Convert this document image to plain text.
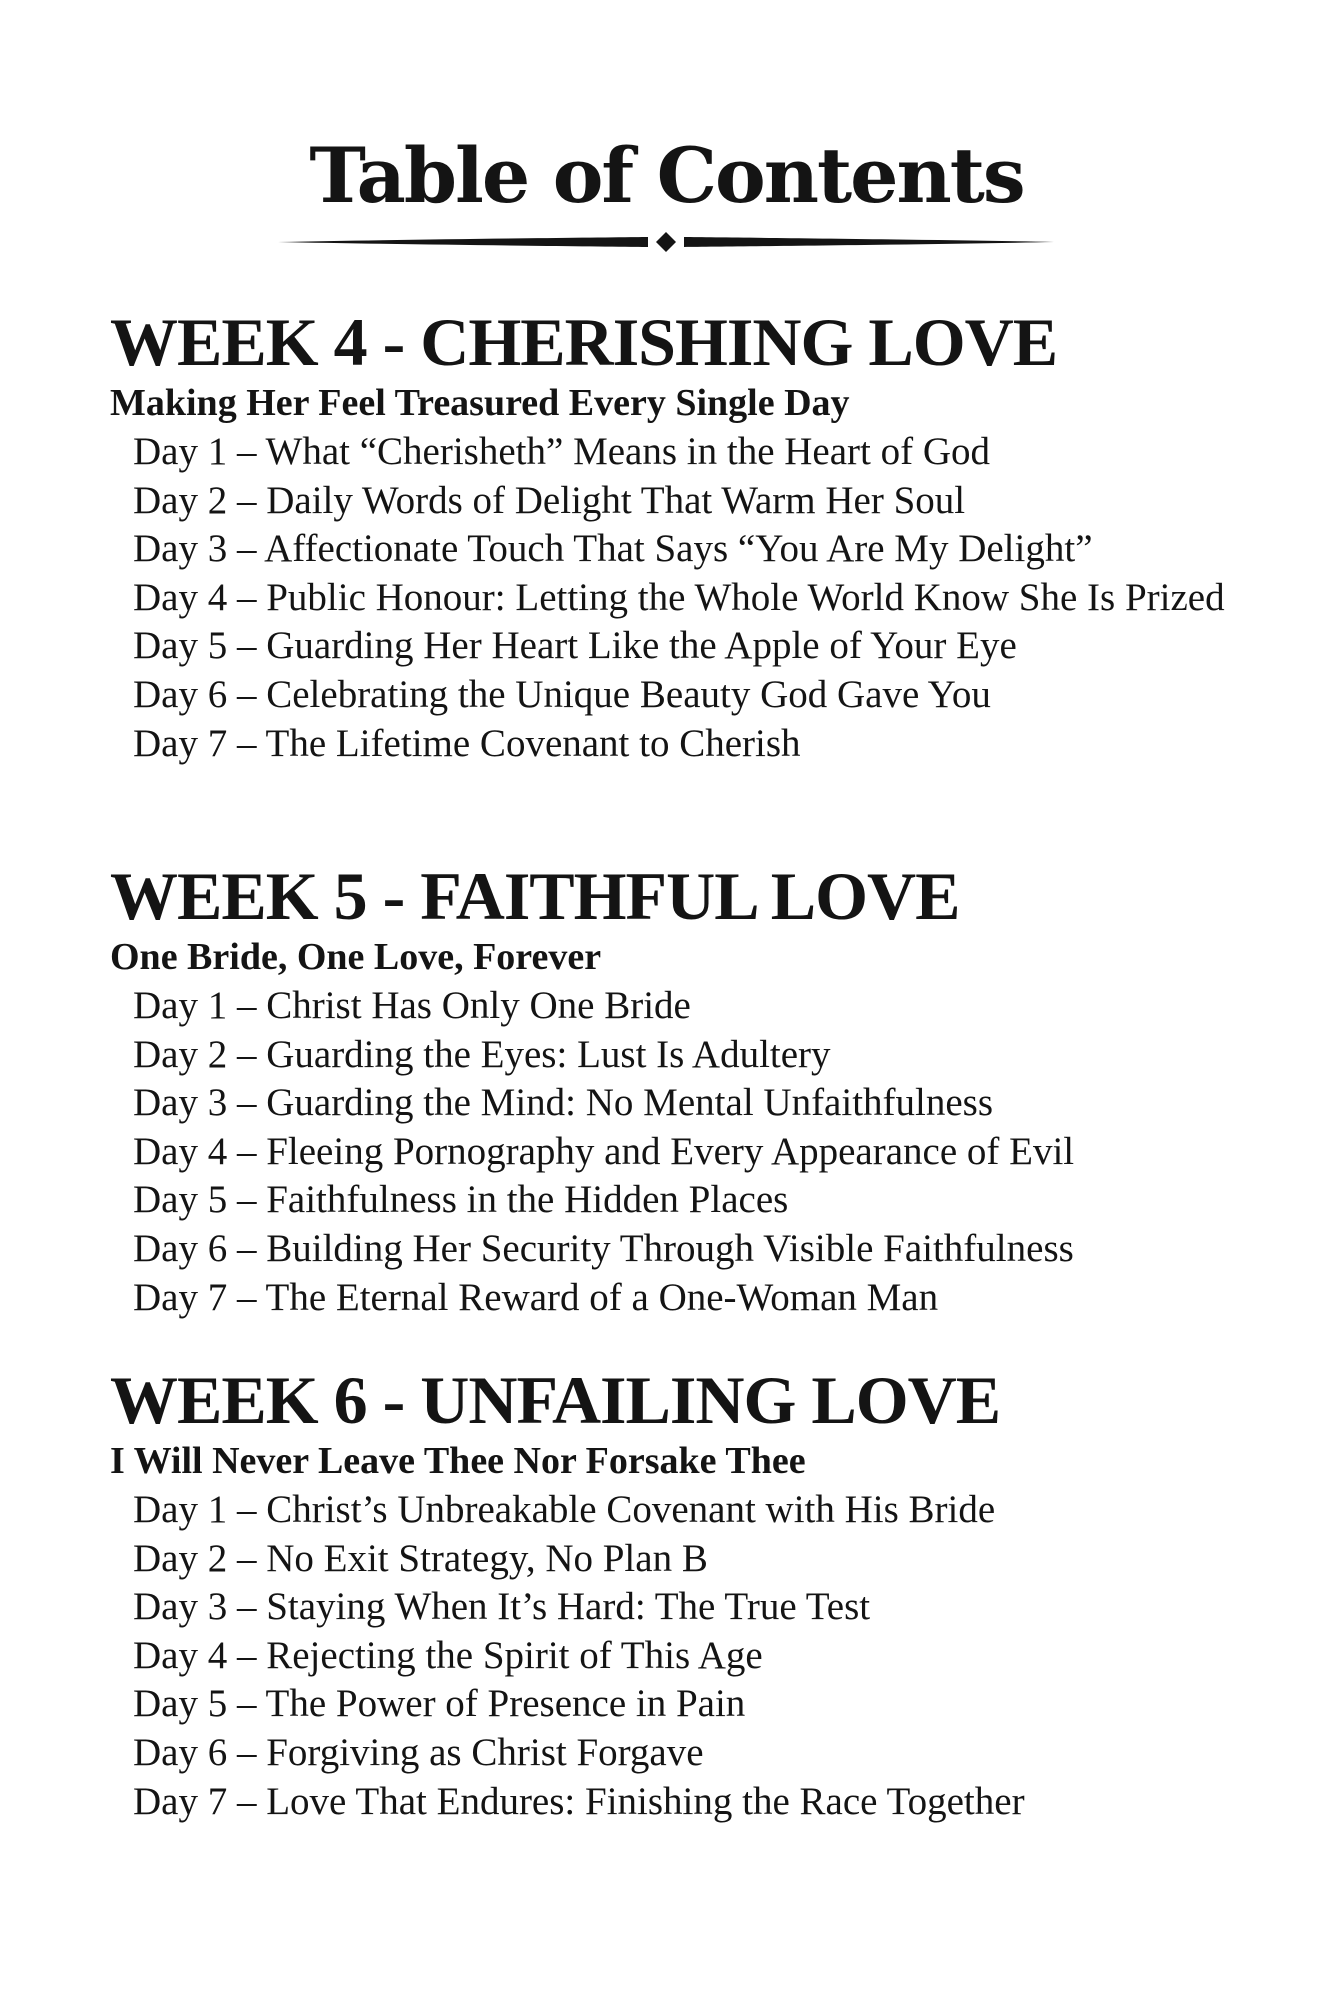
Table of Contents
WEEK 4 - CHERISHING LOVE

Making Her Feel Treasured Every Single Day

Day 1 – What “Cherisheth” Means in the Heart of God
Day 2 – Daily Words of Delight That Warm Her Soul
Day 3 – Affectionate Touch That Says “You Are My Delight”
Day 4 – Public Honour: Letting the Whole World Know She Is Prized
Day 5 – Guarding Her Heart Like the Apple of Your Eye
Day 6 – Celebrating the Unique Beauty God Gave You
Day 7 – The Lifetime Covenant to Cherish
WEEK 5 - FAITHFUL LOVE

One Bride, One Love, Forever

Day 1 – Christ Has Only One Bride
Day 2 – Guarding the Eyes: Lust Is Adultery
Day 3 – Guarding the Mind: No Mental Unfaithfulness
Day 4 – Fleeing Pornography and Every Appearance of Evil
Day 5 – Faithfulness in the Hidden Places
Day 6 – Building Her Security Through Visible Faithfulness
Day 7 – The Eternal Reward of a One-Woman Man
WEEK 6 - UNFAILING LOVE

I Will Never Leave Thee Nor Forsake Thee

Day 1 – Christ’s Unbreakable Covenant with His Bride
Day 2 – No Exit Strategy, No Plan B
Day 3 – Staying When It’s Hard: The True Test
Day 4 – Rejecting the Spirit of This Age
Day 5 – The Power of Presence in Pain
Day 6 – Forgiving as Christ Forgave
Day 7 – Love That Endures: Finishing the Race Together
